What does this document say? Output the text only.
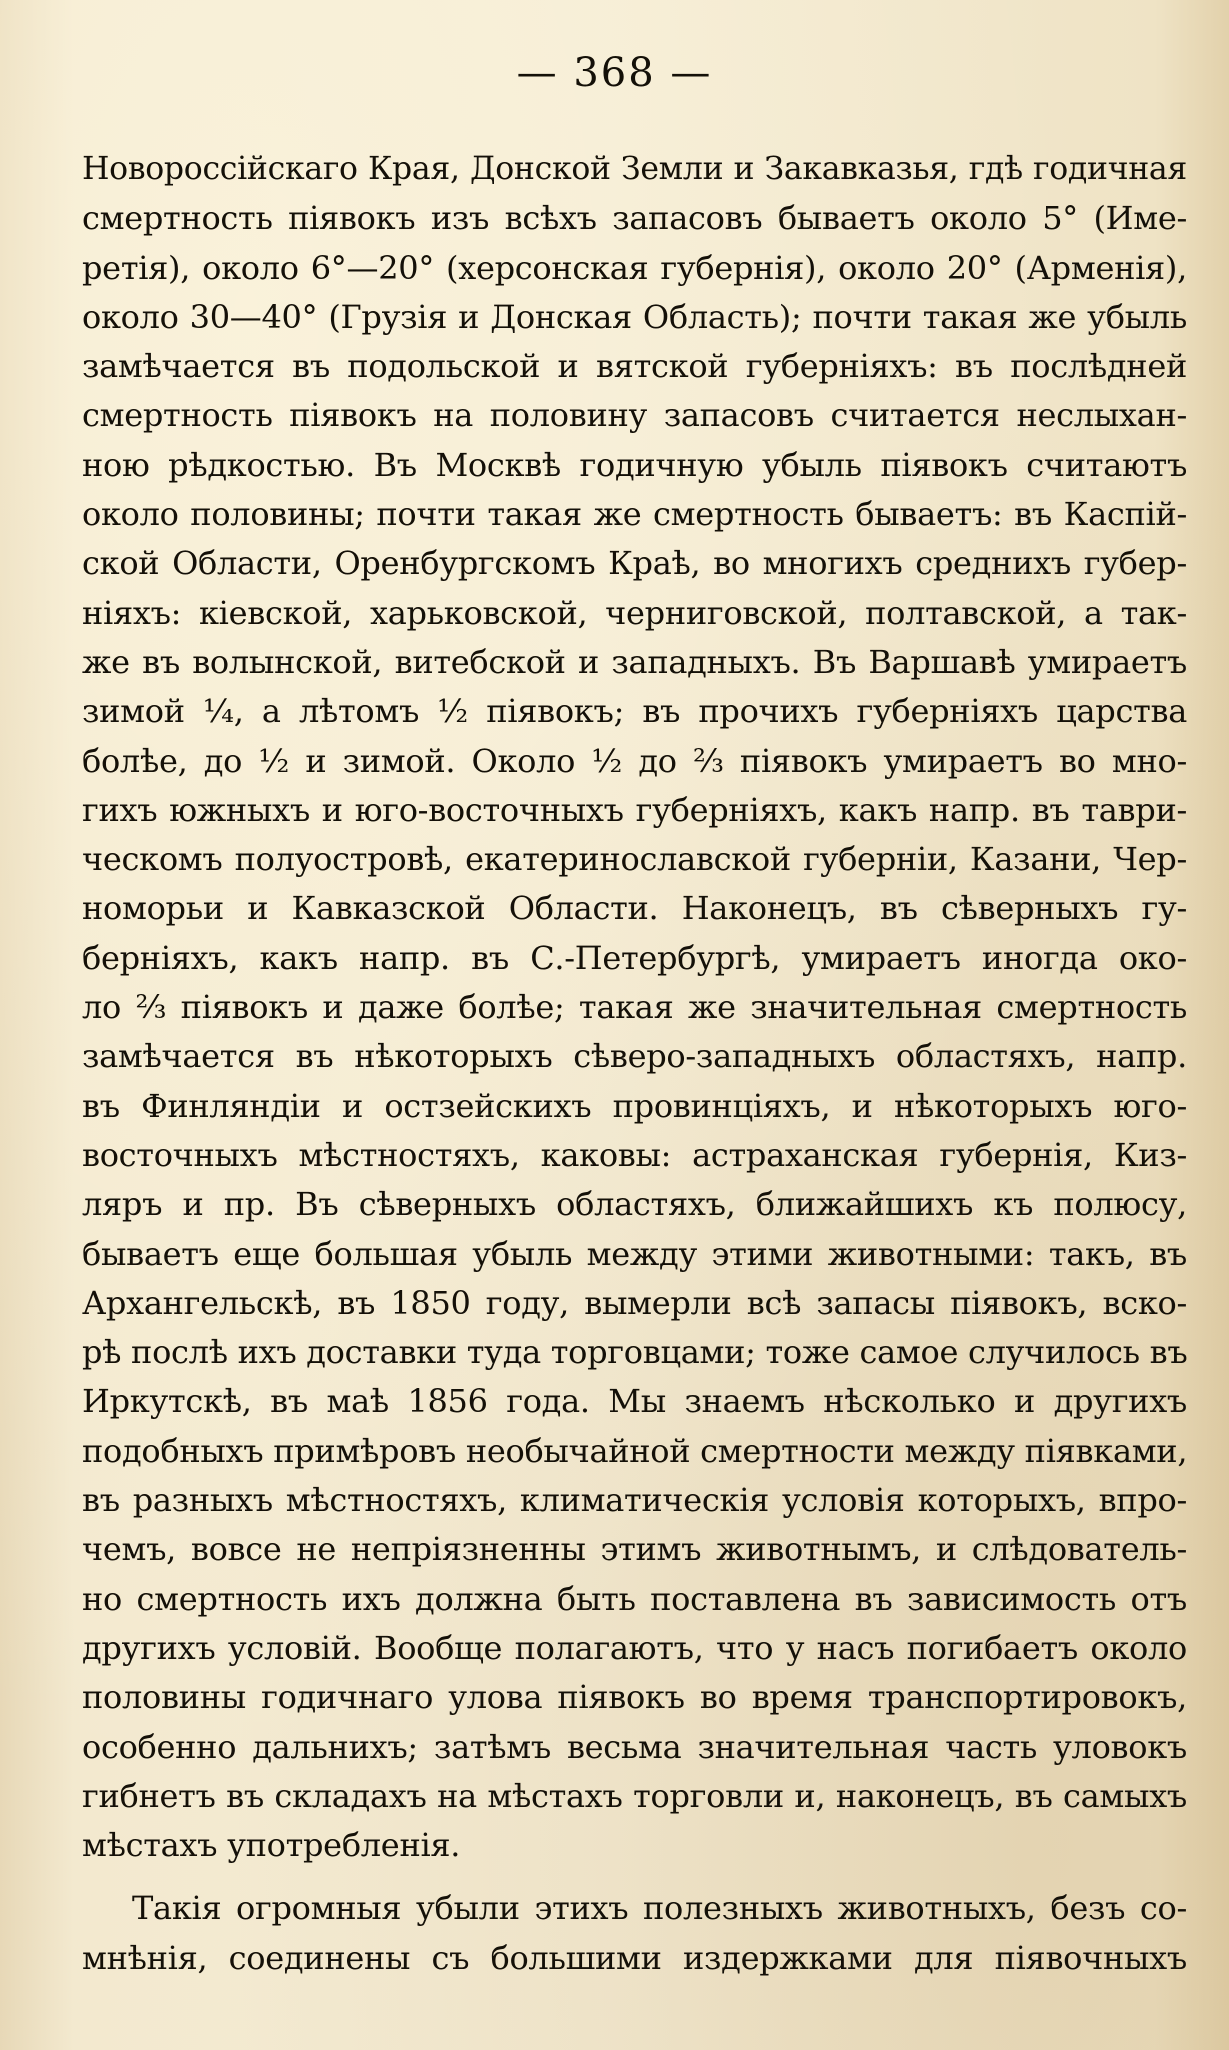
— 368 —
Новороссійскаго Края, Донской Земли и Закавказья, гдѣ годичная
смертность піявокъ изъ всѣхъ запасовъ бываетъ около 5° (Име-
ретія), около 6°—20° (херсонская губернія), около 20° (Арменія),
около 30—40° (Грузія и Донская Область); почти такая же убыль
замѣчается въ подольской и вятской губерніяхъ: въ послѣдней
смертность піявокъ на половину запасовъ считается неслыхан-
ною рѣдкостью. Въ Москвѣ годичную убыль піявокъ считаютъ
около половины; почти такая же смертность бываетъ: въ Каспій-
ской Области, Оренбургскомъ Краѣ, во многихъ среднихъ губер-
ніяхъ: кіевской, харьковской, черниговской, полтавской, а так-
же въ волынской, витебской и западныхъ. Въ Варшавѣ умираетъ
зимой ¼, а лѣтомъ ½ піявокъ; въ прочихъ губерніяхъ царства
болѣе, до ½ и зимой. Около ½ до ⅔ піявокъ умираетъ во мно-
гихъ южныхъ и юго-восточныхъ губерніяхъ, какъ напр. въ таври-
ческомъ полуостровѣ, екатеринославской губерніи, Казани, Чер-
номорьи и Кавказской Области. Наконецъ, въ сѣверныхъ гу-
берніяхъ, какъ напр. въ С.-Петербургѣ, умираетъ иногда око-
ло ⅔ піявокъ и даже болѣе; такая же значительная смертность
замѣчается въ нѣкоторыхъ сѣверо-западныхъ областяхъ, напр.
въ Финляндіи и остзейскихъ провинціяхъ, и нѣкоторыхъ юго-
восточныхъ мѣстностяхъ, каковы: астраханская губернія, Киз-
ляръ и пр. Въ сѣверныхъ областяхъ, ближайшихъ къ полюсу,
бываетъ еще большая убыль между этими животными: такъ, въ
Архангельскѣ, въ 1850 году, вымерли всѣ запасы піявокъ, вско-
рѣ послѣ ихъ доставки туда торговцами; тоже самое случилось въ
Иркутскѣ, въ маѣ 1856 года. Мы знаемъ нѣсколько и другихъ
подобныхъ примѣровъ необычайной смертности между піявками,
въ разныхъ мѣстностяхъ, климатическія условія которыхъ, впро-
чемъ, вовсе не непріязненны этимъ животнымъ, и слѣдователь-
но смертность ихъ должна быть поставлена въ зависимость отъ
другихъ условій. Вообще полагаютъ, что у насъ погибаетъ около
половины годичнаго улова піявокъ во время транспортировокъ,
особенно дальнихъ; затѣмъ весьма значительная часть уловокъ
гибнетъ въ складахъ на мѣстахъ торговли и, наконецъ, въ самыхъ
мѣстахъ употребленія.
Такія огромныя убыли этихъ полезныхъ животныхъ, безъ со-
мнѣнія, соединены съ большими издержками для піявочныхъ
